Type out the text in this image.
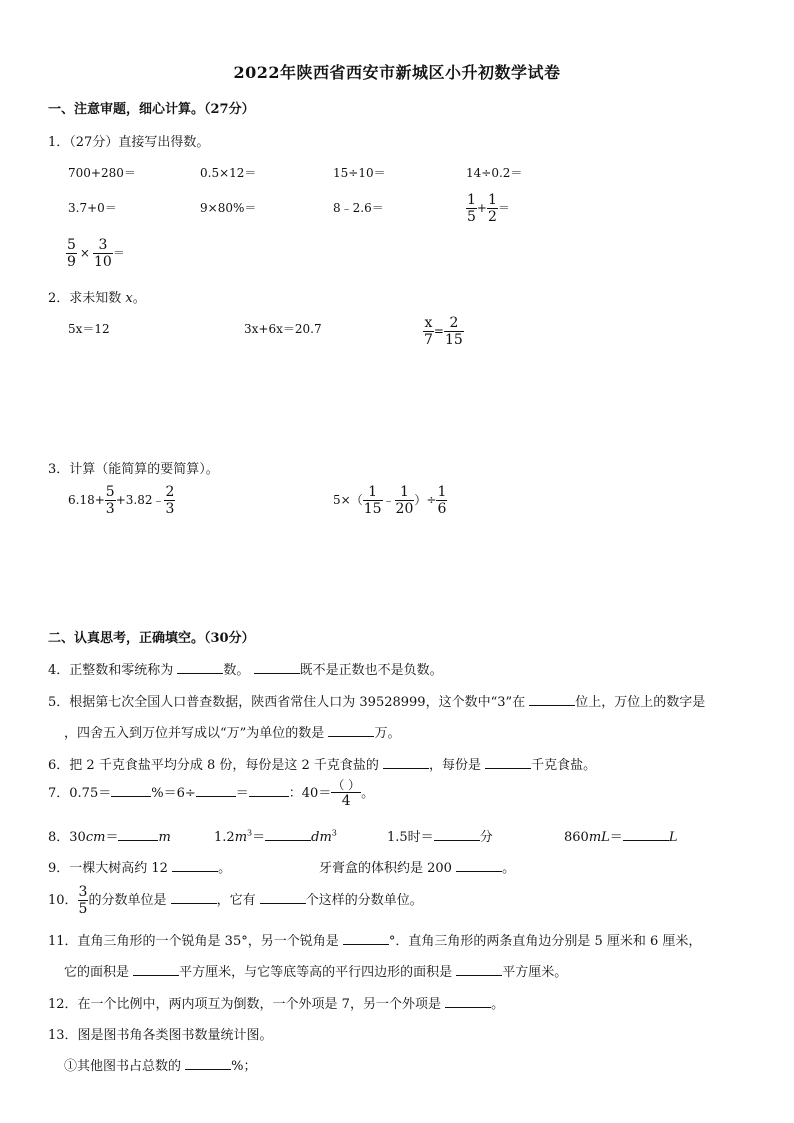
2022年陕西省西安市新城区小升初数学试卷
一、注意审题，细心计算。（27分）
1．（27分）直接写出得数。
700+280＝	0.5×12＝	15÷10＝	14÷0.2＝
3.7+0＝	9×80%＝	8﹣2.6＝	$\frac{1}{5} + \frac{1}{2}$ ＝
$\frac{5}{9} \times \frac{3}{10}$ ＝
2．求未知数 x。
5x＝12	3x+6x＝20.7	$\frac{x}{7} = \frac{2}{15}$
3．计算（能简算的要简算）。
$6.18+ \frac{5}{3}$ +3.82﹣ $\frac{2}{3}$	$5\times( \frac{1}{15}$ ﹣ $\frac{1}{20}$ ）÷ $\frac{1}{6}$
二、认真思考，正确填空。（30分）
4．正整数和零统称为	数。	既不是正数也不是负数。
5．根据第七次全国人口普查数据，陕西省常住人口为 39528999，这个数中“3”在	位上，万位上的数字是
，四舍五入到万位并写成以“万”为单位的数是	万。
6．把 2 千克食盐平均分成 8 份，每份是这 2 千克食盐的	，每份是	千克食盐。
7．0.75＝	%＝6÷	＝	：$40= \frac{( )}{4}$ 。
8．30cm＝	m	$1.2m^3=$	$dm^3$	1.5时＝	分	860mL＝	L
9．一棵大树高约 12	。	牙膏盒的体积约是 200	。
10． $\frac{3}{5}$ 的分数单位是	，它有	个这样的分数单位。
11．直角三角形的一个锐角是 35°，另一个锐角是	°．直角三角形的两条直角边分别是 5 厘米和 6 厘米，
它的面积是	平方厘米，与它等底等高的平行四边形的面积是	平方厘米。
12．在一个比例中，两内项互为倒数，一个外项是 7，另一个外项是	。
13．图是图书角各类图书数量统计图。
①其他图书占总数的	%；
